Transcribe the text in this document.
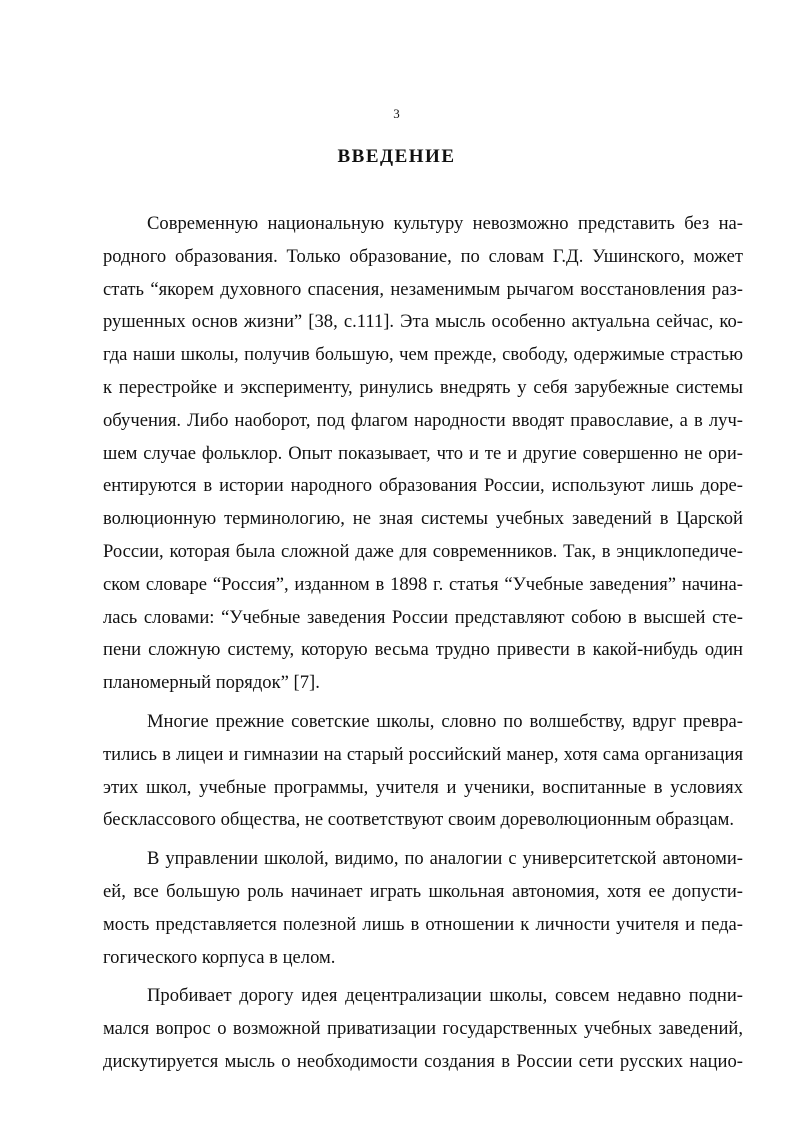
3
ВВЕДЕНИЕ
Современную национальную культуру невозможно представить без на-
родного образования. Только образование, по словам Г.Д. Ушинского, может
стать “якорем духовного спасения, незаменимым рычагом восстановления раз-
рушенных основ жизни” [38, с.111]. Эта мысль особенно актуальна сейчас, ко-
гда наши школы, получив большую, чем прежде, свободу, одержимые страстью
к перестройке и эксперименту, ринулись внедрять у себя зарубежные системы
обучения. Либо наоборот, под флагом народности вводят православие, а в луч-
шем случае фольклор. Опыт показывает, что и те и другие совершенно не ори-
ентируются в истории народного образования России, используют лишь доре-
волюционную терминологию, не зная системы учебных заведений в Царской
России, которая была сложной даже для современников. Так, в энциклопедиче-
ском словаре “Россия”, изданном в 1898 г. статья “Учебные заведения” начина-
лась словами: “Учебные заведения России представляют собою в высшей сте-
пени сложную систему, которую весьма трудно привести в какой-нибудь один
планомерный порядок” [7].
Многие прежние советские школы, словно по волшебству, вдруг превра-
тились в лицеи и гимназии на старый российский манер, хотя сама организация
этих школ, учебные программы, учителя и ученики, воспитанные в условиях
бесклассового общества, не соответствуют своим дореволюционным образцам.
В управлении школой, видимо, по аналогии с университетской автономи-
ей, все большую роль начинает играть школьная автономия, хотя ее допусти-
мость представляется полезной лишь в отношении к личности учителя и педа-
гогического корпуса в целом.
Пробивает дорогу идея децентрализации школы, совсем недавно подни-
мался вопрос о возможной приватизации государственных учебных заведений,
дискутируется мысль о необходимости создания в России сети русских нацио-
